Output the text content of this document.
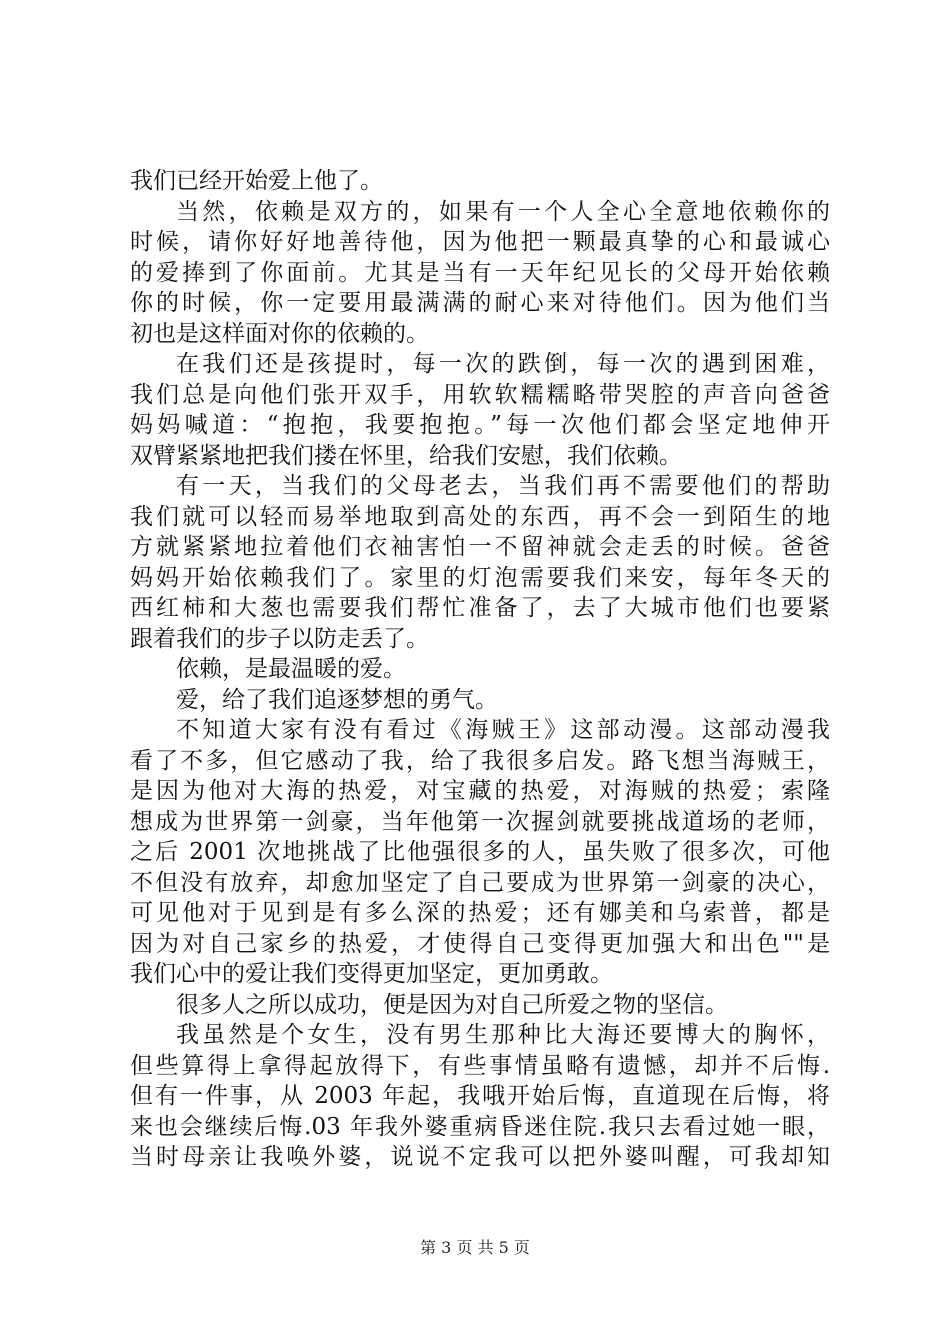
我们已经开始爱上他了。
当然，依赖是双方的，如果有一个人全心全意地依赖你的
时候，请你好好地善待他，因为他把一颗最真挚的心和最诚心
的爱捧到了你面前。尤其是当有一天年纪见长的父母开始依赖
你的时候，你一定要用最满满的耐心来对待他们。因为他们当
初也是这样面对你的依赖的。
在我们还是孩提时，每一次的跌倒，每一次的遇到困难，
我们总是向他们张开双手，用软软糯糯略带哭腔的声音向爸爸
妈妈喊道：“抱抱，我要抱抱。”每一次他们都会坚定地伸开
双臂紧紧地把我们搂在怀里，给我们安慰，我们依赖。
有一天，当我们的父母老去，当我们再不需要他们的帮助
我们就可以轻而易举地取到高处的东西，再不会一到陌生的地
方就紧紧地拉着他们衣袖害怕一不留神就会走丢的时候。爸爸
妈妈开始依赖我们了。家里的灯泡需要我们来安，每年冬天的
西红柿和大葱也需要我们帮忙准备了，去了大城市他们也要紧
跟着我们的步子以防走丢了。
依赖，是最温暖的爱。
爱，给了我们追逐梦想的勇气。
不知道大家有没有看过《海贼王》这部动漫。这部动漫我
看了不多，但它感动了我，给了我很多启发。路飞想当海贼王，
是因为他对大海的热爱，对宝藏的热爱，对海贼的热爱；索隆
想成为世界第一剑豪，当年他第一次握剑就要挑战道场的老师，
之后 2001 次地挑战了比他强很多的人，虽失败了很多次，可他
不但没有放弃，却愈加坚定了自己要成为世界第一剑豪的决心，
可见他对于见到是有多么深的热爱；还有娜美和乌索普，都是
因为对自己家乡的热爱，才使得自己变得更加强大和出色""是
我们心中的爱让我们变得更加坚定，更加勇敢。
很多人之所以成功，便是因为对自己所爱之物的坚信。
我虽然是个女生，没有男生那种比大海还要博大的胸怀，
但些算得上拿得起放得下，有些事情虽略有遗憾，却并不后悔.
但有一件事，从 2003 年起，我哦开始后悔，直道现在后悔，将
来也会继续后悔.03 年我外婆重病昏迷住院.我只去看过她一眼，
当时母亲让我唤外婆，说说不定我可以把外婆叫醒，可我却知
第 3 页 共 5 页
